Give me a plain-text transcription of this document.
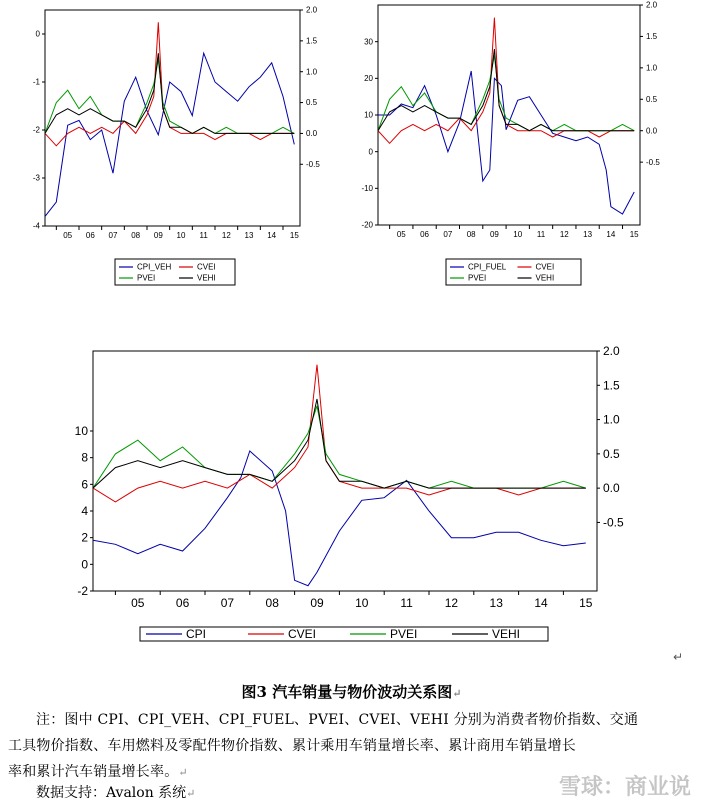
05 06 07 08 09 10 11 12 13 14 15
0
-1
-2
-3
-4
2.0
1.5
1.0
0.5
0.0
-0.5
CPI_VEH	CVEI
PVEI	VEHI
05 06 07 08 09 10 11 12 13 14 15
30
20
10
0
-10
-20
2.0
1.5
1.0
0.5
0.0
-0.5
CPI_FUEL	CVEI
PVEI	VEHI
05	06	07	08	09	10	11	12	13	14	15
10
8
6
4
2
0
-2
2.0
1.5
1.0
0.5
0.0
-0.5
CPI	CVEI	PVEI	VEHI
↵
图3 汽车销量与物价波动关系图↵
注：图中 CPI、CPI_VEH、CPI_FUEL、PVEI、CVEI、VEHI 分别为消费者物价指数、交通
工具物价指数、车用燃料及零配件物价指数、累计乘用车销量增长率、累计商用车销量增长
率和累计汽车销量增长率。↵
数据支持：Avalon 系统↵	雪球：商业说
